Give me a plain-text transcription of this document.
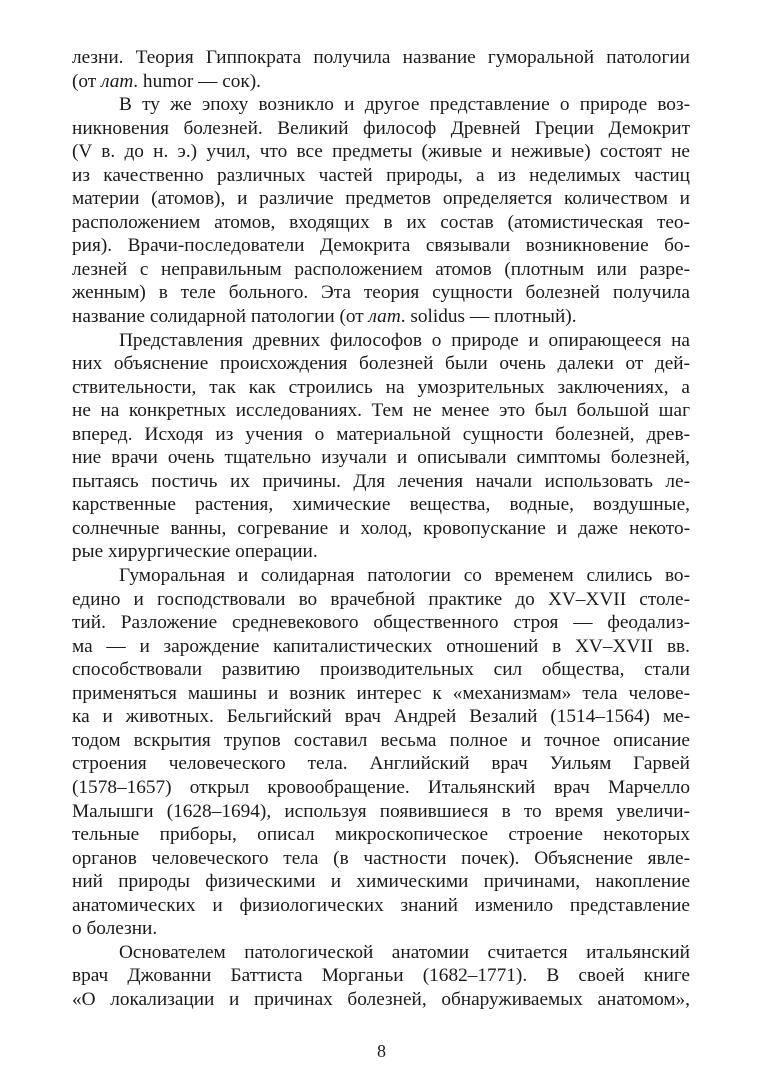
лезни. Теория Гиппократа получила название гуморальной патологии
(от лат. humor — сок).
В ту же эпоху возникло и другое представление о природе воз-
никновения болезней. Великий философ Древней Греции Демокрит
(V в. до н. э.) учил, что все предметы (живые и неживые) состоят не
из качественно различных частей природы, а из неделимых частиц
материи (атомов), и различие предметов определяется количеством и
расположением атомов, входящих в их состав (атомистическая тео-
рия). Врачи-последователи Демокрита связывали возникновение бо-
лезней с неправильным расположением атомов (плотным или разре-
женным) в теле больного. Эта теория сущности болезней получила
название солидарной патологии (от лат. solidus — плотный).
Представления древних философов о природе и опирающееся на
них объяснение происхождения болезней были очень далеки от дей-
ствительности, так как строились на умозрительных заключениях, а
не на конкретных исследованиях. Тем не менее это был большой шаг
вперед. Исходя из учения о материальной сущности болезней, древ-
ние врачи очень тщательно изучали и описывали симптомы болезней,
пытаясь постичь их причины. Для лечения начали использовать ле-
карственные растения, химические вещества, водные, воздушные,
солнечные ванны, согревание и холод, кровопускание и даже некото-
рые хирургические операции.
Гуморальная и солидарная патологии со временем слились во-
едино и господствовали во врачебной практике до XV–XVII столе-
тий. Разложение средневекового общественного строя — феодализ-
ма — и зарождение капиталистических отношений в XV–XVII вв.
способствовали развитию производительных сил общества, стали
применяться машины и возник интерес к «механизмам» тела челове-
ка и животных. Бельгийский врач Андрей Везалий (1514–1564) ме-
тодом вскрытия трупов составил весьма полное и точное описание
строения человеческого тела. Английский врач Уильям Гарвей
(1578–1657) открыл кровообращение. Итальянский врач Марчелло
Малышги (1628–1694), используя появившиеся в то время увеличи-
тельные приборы, описал микроскопическое строение некоторых
органов человеческого тела (в частности почек). Объяснение явле-
ний природы физическими и химическими причинами, накопление
анатомических и физиологических знаний изменило представление
о болезни.
Основателем патологической анатомии считается итальянский
врач Джованни Баттиста Морганьи (1682–1771). В своей книге
«О локализации и причинах болезней, обнаруживаемых анатомом»,
8
